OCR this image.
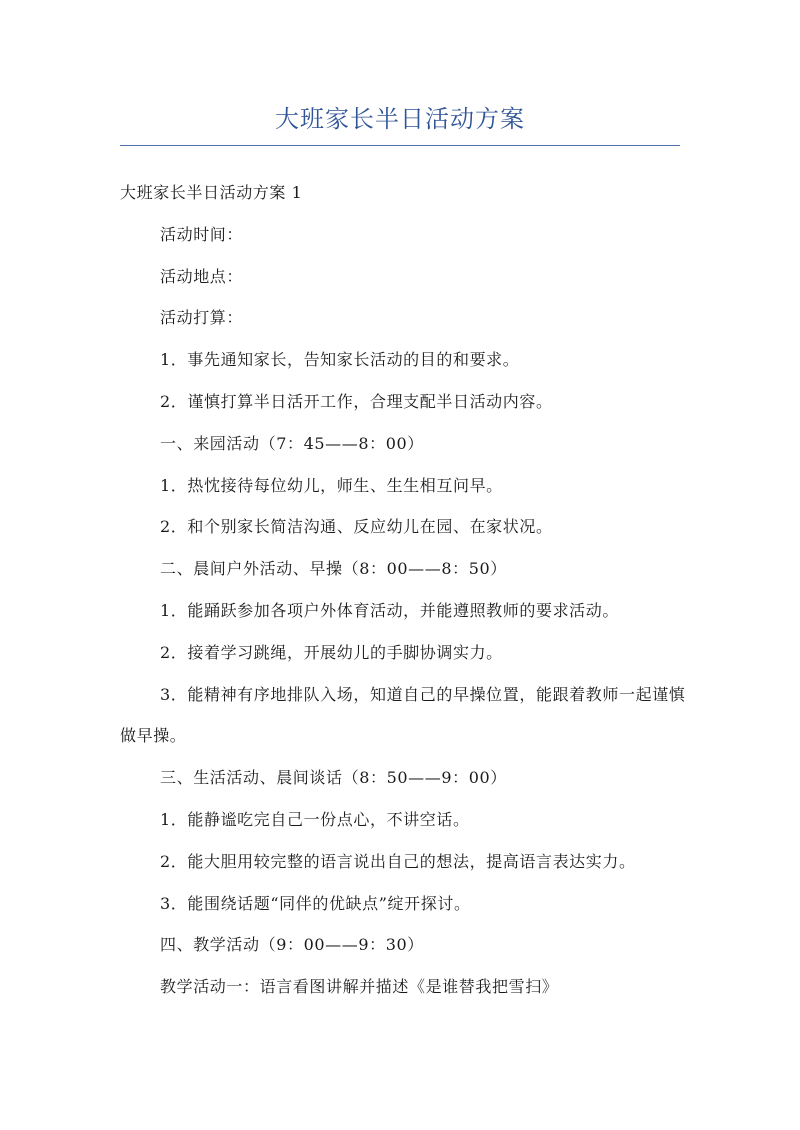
大班家长半日活动方案

大班家长半日活动方案 1

活动时间：

活动地点：

活动打算：

1．事先通知家长，告知家长活动的目的和要求。

2．谨慎打算半日活开工作，合理支配半日活动内容。

一、来园活动（7：45——8：00）

1．热忱接待每位幼儿，师生、生生相互问早。

2．和个别家长简洁沟通、反应幼儿在园、在家状况。

二、晨间户外活动、早操（8：00——8：50）

1．能踊跃参加各项户外体育活动，并能遵照教师的要求活动。

2．接着学习跳绳，开展幼儿的手脚协调实力。

3．能精神有序地排队入场，知道自己的早操位置，能跟着教师一起谨慎做早操。

三、生活活动、晨间谈话（8：50——9：00）

1．能静谧吃完自己一份点心，不讲空话。

2．能大胆用较完整的语言说出自己的想法，提高语言表达实力。

3．能围绕话题“同伴的优缺点”绽开探讨。

四、教学活动（9：00——9：30）

教学活动一：语言看图讲解并描述《是谁替我把雪扫》
